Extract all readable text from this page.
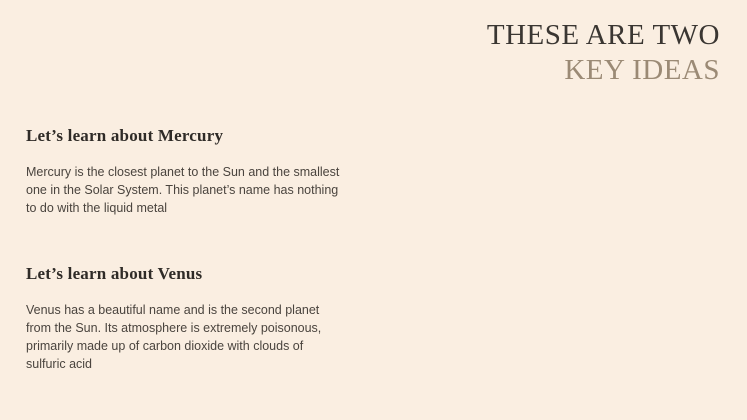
THESE ARE TWO
KEY IDEAS
Let’s learn about Mercury

Mercury is the closest planet to the Sun and the smallest one in the Solar System. This planet’s name has nothing to do with the liquid metal

Let’s learn about Venus

Venus has a beautiful name and is the second planet from the Sun. Its atmosphere is extremely poisonous, primarily made up of carbon dioxide with clouds of sulfuric acid
